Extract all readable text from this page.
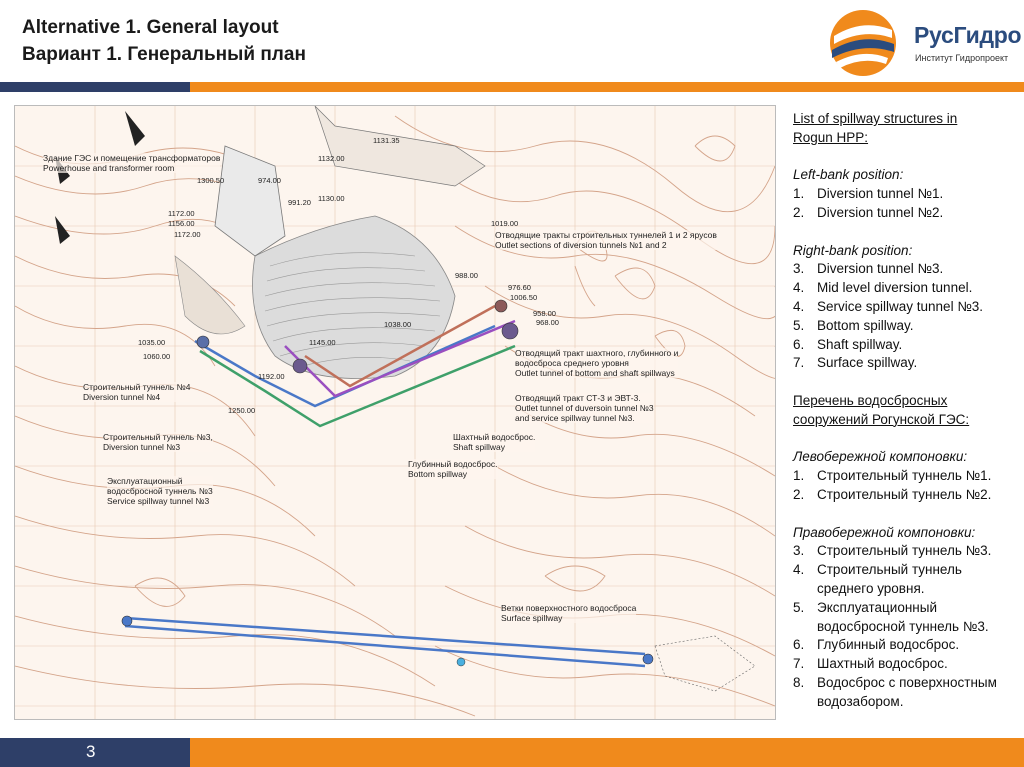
Alternative 1. General layout
Вариант 1. Генеральный план
РусГидро
Институт Гидропроект
Здание ГЭС и помещение трансформаторов
Powerhouse and transformer room
Отводящие тракты строительных туннелей 1 и 2 ярусов
Outlet sections of diversion tunnels №1 and 2
Отводящий тракт шахтного, глубинного и
водосброса среднего уровня
Outlet tunnel of bottom and shaft spillways
Отводящий тракт СТ-3 и ЭВТ-3.
Outlet tunnel of duversoin tunnel №3
and service spillway tunnel №3.
Строительный туннель №4
Diversion tunnel №4
Строительный туннель №3,
Diversion tunnel №3
Шахтный водосброс.
Shaft spillway
Глубинный водосброс.
Bottom spillway
Эксплуатационный
водосбросной туннель №3
Service spillway tunnel №3
Ветки поверхностного водосброса
Surface spillway
1131.35
1132.00
1300.50	974.00
991.20 1130.00
1172.00
1156.00
1172.00
1019.00
988.00
976.60
1006.50
958.00
968.00
1035.00
1060.00
1145.00
1192.00
1250.00
1038.00
List of spillway structures in
Rogun HPP:
Left-bank position:
1. Diversion tunnel №1.
2. Diversion tunnel №2.
Right-bank position:
3. Diversion tunnel №3.
4. Mid level diversion tunnel.
4. Service spillway tunnel №3.
5. Bottom spillway.
6. Shaft spillway.
7. Surface spillway.
Перечень водосбросных
сооружений Рогунской ГЭС:
Левобережной компоновки:
1. Строительный туннель №1.
2. Строительный туннель №2.
Правобережной компоновки:
3. Строительный туннель №3.
4. Строительный туннель
среднего уровня.
5. Эксплуатационный
водосбросной туннель №3.
6. Глубинный водосброс.
7. Шахтный водосброс.
8. Водосброс с поверхностным
водозабором.
3
